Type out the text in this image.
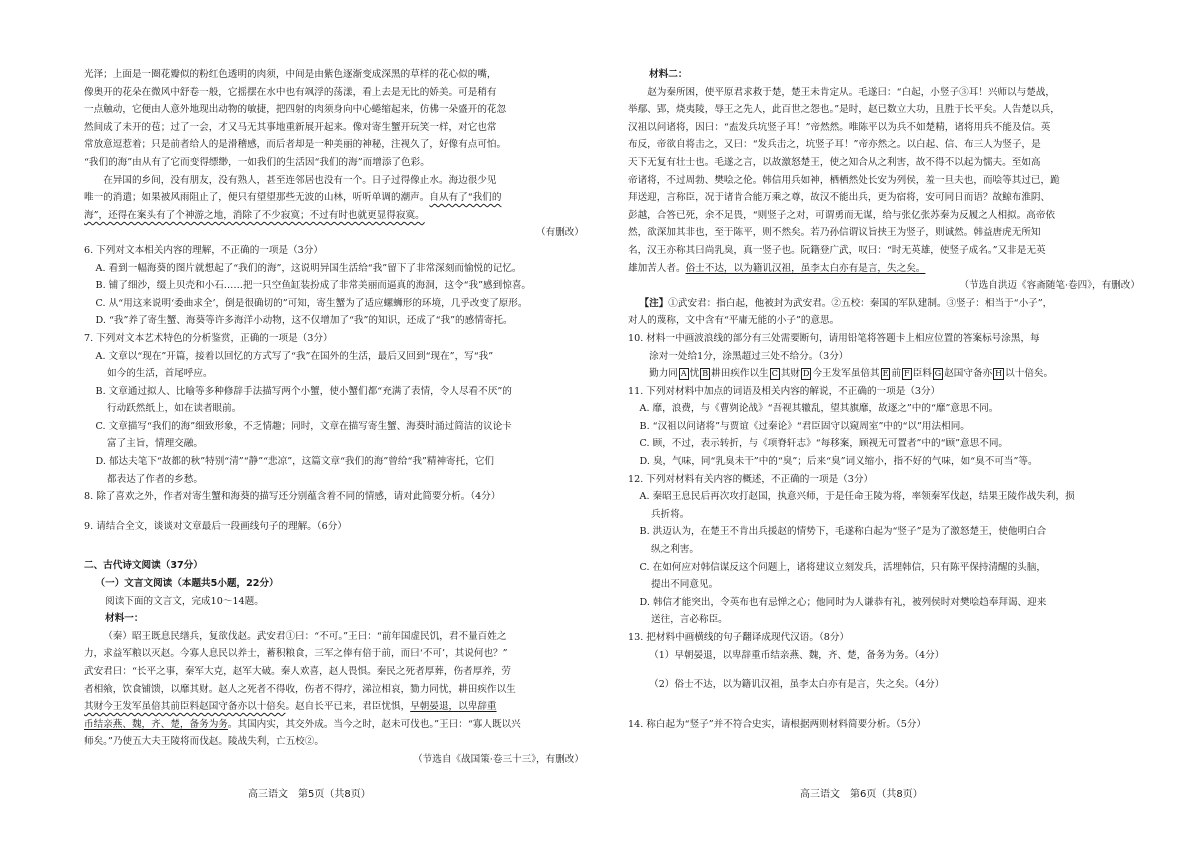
光泽；上面是一圈花瓣似的粉红色透明的肉须，中间是由紫色逐渐变成深黑的草样的花心似的嘴，

像奥开的花朵在微风中舒卷一般，它摇摆在水中也有飒浮的荡漾，看上去是无比的娇美。可是稍有

一点触动，它便由人意外地现出动物的敏捷，把四射的肉须身向中心蜷缩起来，仿佛一朵盛开的花忽

然间成了未开的苞；过了一会，才又马无其事地重新展开起来。像对寄生蟹开玩笑一样，对它也常

常放意逗惹着；只是前者给人的是滑稽感，而后者却是一种美丽的神秘，注视久了，好像有点可怕。

“我们的海”由从有了它而变得缥缈，一如我们的生活因“我们的海”而增添了色彩。

在异国的乡间，没有朋友，没有熟人，甚至连邻居也没有一个。日子过得像止水。海边很少见

唯一的消遣；如果被风雨阻止了，便只有望望那些无波的山林，听听单调的潮声。自从有了“我们的

海”，还得在案头有了个神游之地，消除了不少寂寞；不过有时也就更显得寂寞。

（有删改）

6. 下列对文本相关内容的理解，不正确的一项是（3分）

A. 看到一幅海葵的图片就想起了“我们的海”，这说明异国生活给“我”留下了非常深刻而愉悦的记忆。

B. 铺了细沙，缀上贝壳和小石……把一只空鱼缸装扮成了非常美丽而逼真的海洞，这令“我”感到惊喜。

C. 从“用这来说明‘委曲求全’，倒是很确切的”可知，寄生蟹为了适应螺蛳形的环境，几乎改变了原形。

D. “我”养了寄生蟹、海葵等许多海洋小动物，这不仅增加了“我”的知识，还成了“我”的感情寄托。

7. 下列对文本艺术特色的分析鉴赏，正确的一项是（3分）

A. 文章以“现在”开篇，接着以回忆的方式写了“我”在国外的生活，最后又回到“现在”，写“我”

如今的生活，首尾呼应。

B. 文章通过拟人、比喻等多种修辞手法描写两个小蟹，使小蟹们都“充满了表情，令人尽看不厌”的

行动跃然纸上，如在读者眼前。

C. 文章描写“我们的海”细致形象，不乏情趣；同时，文章在描写寄生蟹、海葵时涌过简洁的议论卡

富了主旨，情理交融。

D. 郁达夫笔下“故都的秋”特别“清”“静”“悲凉”，这篇文章“我们的海”曾给“我”精神寄托，它们

都表达了作者的乡愁。

8. 除了喜欢之外，作者对寄生蟹和海葵的描写还分别蕴含着不同的情感，请对此简要分析。（4分）

9. 请结合全文，谈谈对文章最后一段画线句子的理解。（6分）

二、古代诗文阅读（37分）

（一）文言文阅读（本题共5小题，22分）

阅读下面的文言文，完成10～14题。

材料一：

（秦）昭王既息民缮兵，复欲伐赵。武安君①曰：“不可。”王曰：“前年国虚民饥，君不量百姓之

力，求益军粮以灭赵。今寡人息民以养士，蓄积粮食，三军之俸有倍于前，而曰‘不可’，其说何也？”

武安君曰：“长平之事，秦军大克，赵军大破。秦人欢喜，赵人畏惧。秦民之死者厚葬，伤者厚养，劳

者相飨，饮食铺馈，以靡其财。赵人之死者不得收，伤者不得疗，涕泣相哀，勠力同忧，耕田疾作以生

其财今王发军虽倍其前臣料赵国守备亦以十倍矣。赵自长平已来，君臣忧惧，早朝晏退，以卑辞重

币结亲燕、魏，齐、楚，备务为务。其国内实，其交外成。当今之时，赵未可伐也。”王曰：“寡人既以兴

师矣。”乃使五大夫王陵将而伐赵。陵战失利，亡五校②。

（节选自《战国策·卷三十三》，有删改）

材料二：

赵为秦所困，使平原君求救于楚，楚王未肯定从。毛遂曰：“白起，小竖子③耳！兴师以与楚战，

举鄢、郢，烧夷陵，辱王之先人，此百世之怨也。”是时，赵已数立大功，且胜于长平矣。人告楚以兵，

汉祖以问诸将，因曰：“盍发兵坑竖子耳！”帝然然。唯陈平以为兵不如楚精，诸将用兵不能及信。英

布反，帝欲自将击之，又曰：“发兵击之，坑竖子耳！”帝亦然之。以白起、信、布三人为竖子，是

天下无复有壮士也。毛遂之言，以故激怒楚王，使之知合从之利害，故不得不以起为懦夫。至如高

帝诸将，不过周勃、樊哙之伦。韩信用兵如神，栖栖然处长安为列侯，羞一旦夫也，而哙等其过已，跪

拜送迎，言称臣，况于诸肯合能万乘之尊，故汉不能出兵，更为宿将，安可同日而语？故鲸布淮阴、

彭越，合答已死，余不足畏，“则竖子之对，可谓勇而无谋，给与张亿张苏秦为反履之人相拟。高帝依

然，欲深加其非也，至于陈平，则不然矣。若乃孙信谓议旨挟王为竖子，则诚然。韩益唐虎无所知

名，汉王亦称其曰尚乳臭，真一竖子也。阮籍登广武，叹曰：“时无英雄，使竖子成名。”又非是无英

雄加苦人者。俗士不达，以为籍讥汉祖，虽李太白亦有是言，失之矣。

（节选自洪迈《容斋随笔·卷四》，有删改）

【注】①武安君：指白起，他被封为武安君。②五校：秦国的军队建制。③竖子：相当于“小子”，

对人的蔑称，文中含有“平庸无能的小子”的意思。

10. 材料一中画波浪线的部分有三处需要断句，请用铅笔将答题卡上相应位置的答案标号涂黑，每

涂对一处给1分，涂黑超过三处不给分。（3分）

勤力同 A 忧 B 耕田疾作以生 C 其财 D 今王发军虽倍其 E 前 F 臣料 G 赵国守备亦 H 以十倍矣。

11. 下列对材料中加点的词语及相关内容的解说，不正确的一项是（3分）

A. 靡，浪费，与《曹刿论战》“吾视其辙乱，望其旗靡，故逐之”中的“靡”意思不同。

B. “汉祖以问诸将”与贾谊《过秦论》“君臣固守以窥周室”中的“以”用法相同。

C. 顾，不过，表示转折，与《项脊轩志》“每移案，顾视无可置者”中的“顾”意思不同。

D. 臭，气味，同“乳臭未干”中的“臭”；后来“臭”词义缩小，指不好的气味，如“臭不可当”等。

12. 下列对材料有关内容的概述，不正确的一项是（3分）

A. 秦昭王息民后再次攻打赵国，执意兴师，于是任命王陵为将，率领秦军伐赵，结果王陵作战失利，损

兵折将。

B. 洪迈认为，在楚王不肯出兵援赵的情势下，毛遂称白起为“竖子”是为了激怒楚王，使他明白合

纵之利害。

C. 在如何应对韩信谋反这个问题上，诸将建议立刻发兵，活埋韩信，只有陈平保持清醒的头脑，

提出不同意见。

D. 韩信才能突出，令英布也有忌惮之心；他同时为人谦恭有礼，被列侯时对樊哙趋奉拜谒、迎来

送往，言必称臣。

13. 把材料中画横线的句子翻译成现代汉语。（8分）

（1）早朝晏退，以卑辞重币结亲燕、魏，齐、楚，备务为务。（4分）

（2）俗士不达，以为籍讥汉祖，虽李太白亦有是言，失之矣。（4分）

14. 称白起为“竖子”并不符合史实，请根据两则材料简要分析。（5分）

高三语文　第5页（共8页）	高三语文　第6页（共8页）
